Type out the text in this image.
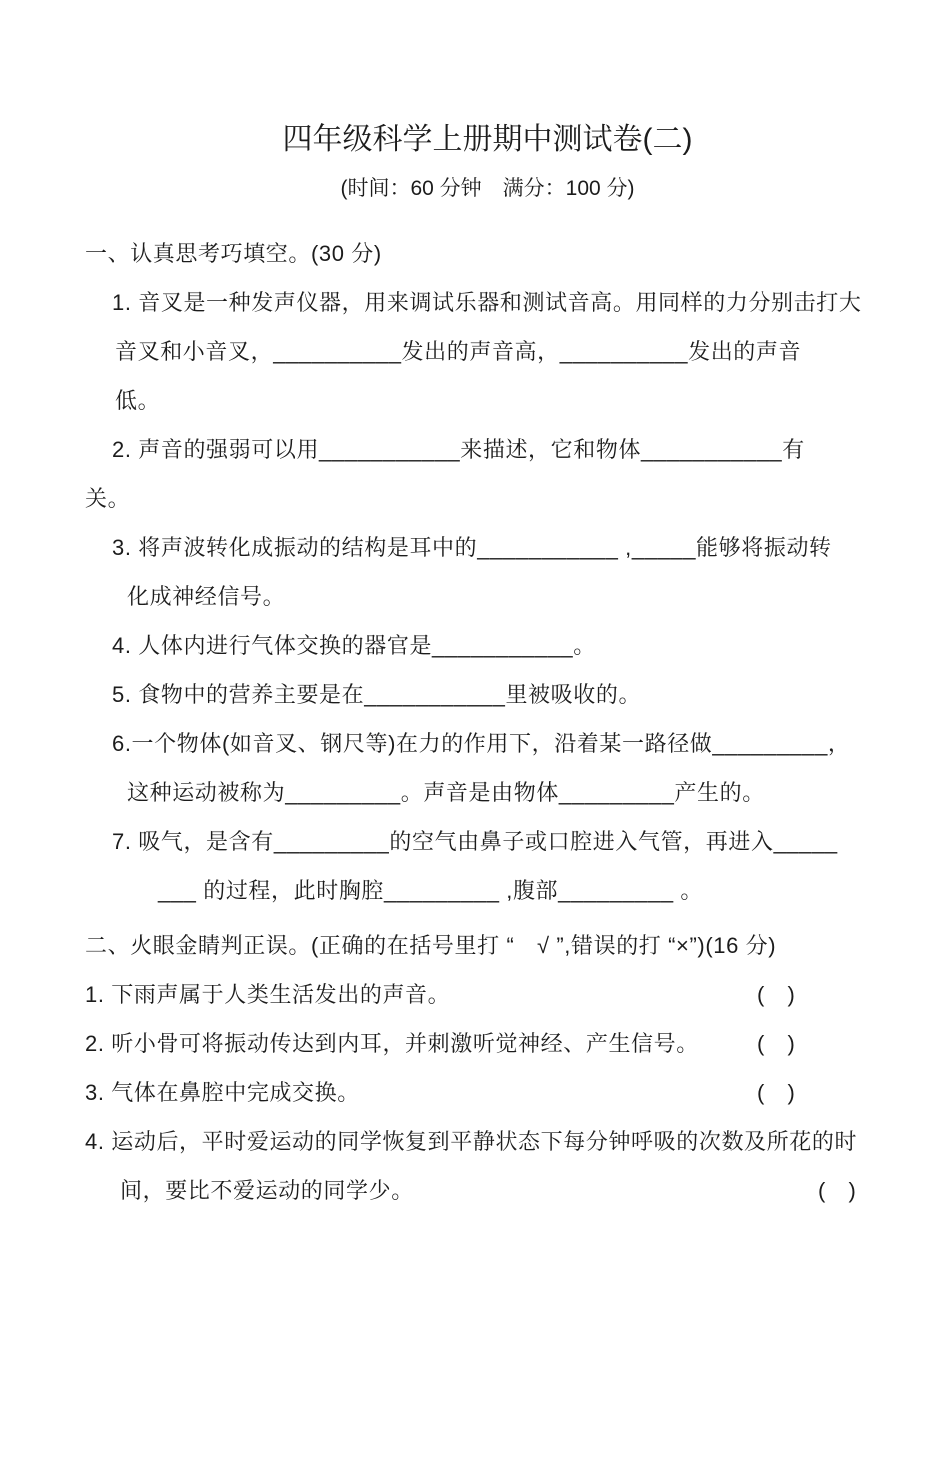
四年级科学上册期中测试卷(二)
(时间：60 分钟　满分：100 分)
一、认真思考巧填空。(30 分)
1. 音叉是一种发声仪器，用来调试乐器和测试音高。用同样的力分别击打大
音叉和小音叉，__________发出的声音高，__________发出的声音
低。
2. 声音的强弱可以用___________来描述，它和物体___________有
关。
3. 将声波转化成振动的结构是耳中的___________ ,_____能够将振动转
化成神经信号。
4. 人体内进行气体交换的器官是___________。
5. 食物中的营养主要是在___________里被吸收的。
6.一个物体(如音叉、钢尺等)在力的作用下，沿着某一路径做_________，
这种运动被称为_________。声音是由物体_________产生的。
7. 吸气，是含有_________的空气由鼻子或口腔进入气管，再进入_____
___ 的过程，此时胸腔_________ ,腹部_________ 。
二、火眼金睛判正误。(正确的在括号里打 “　√ ”,错误的打 “×”)(16 分)
1. 下雨声属于人类生活发出的声音。	(　)
2. 听小骨可将振动传达到内耳，并刺激听觉神经、产生信号。	(　)
3. 气体在鼻腔中完成交换。	(　)
4. 运动后，平时爱运动的同学恢复到平静状态下每分钟呼吸的次数及所花的时
间，要比不爱运动的同学少。	(　)
